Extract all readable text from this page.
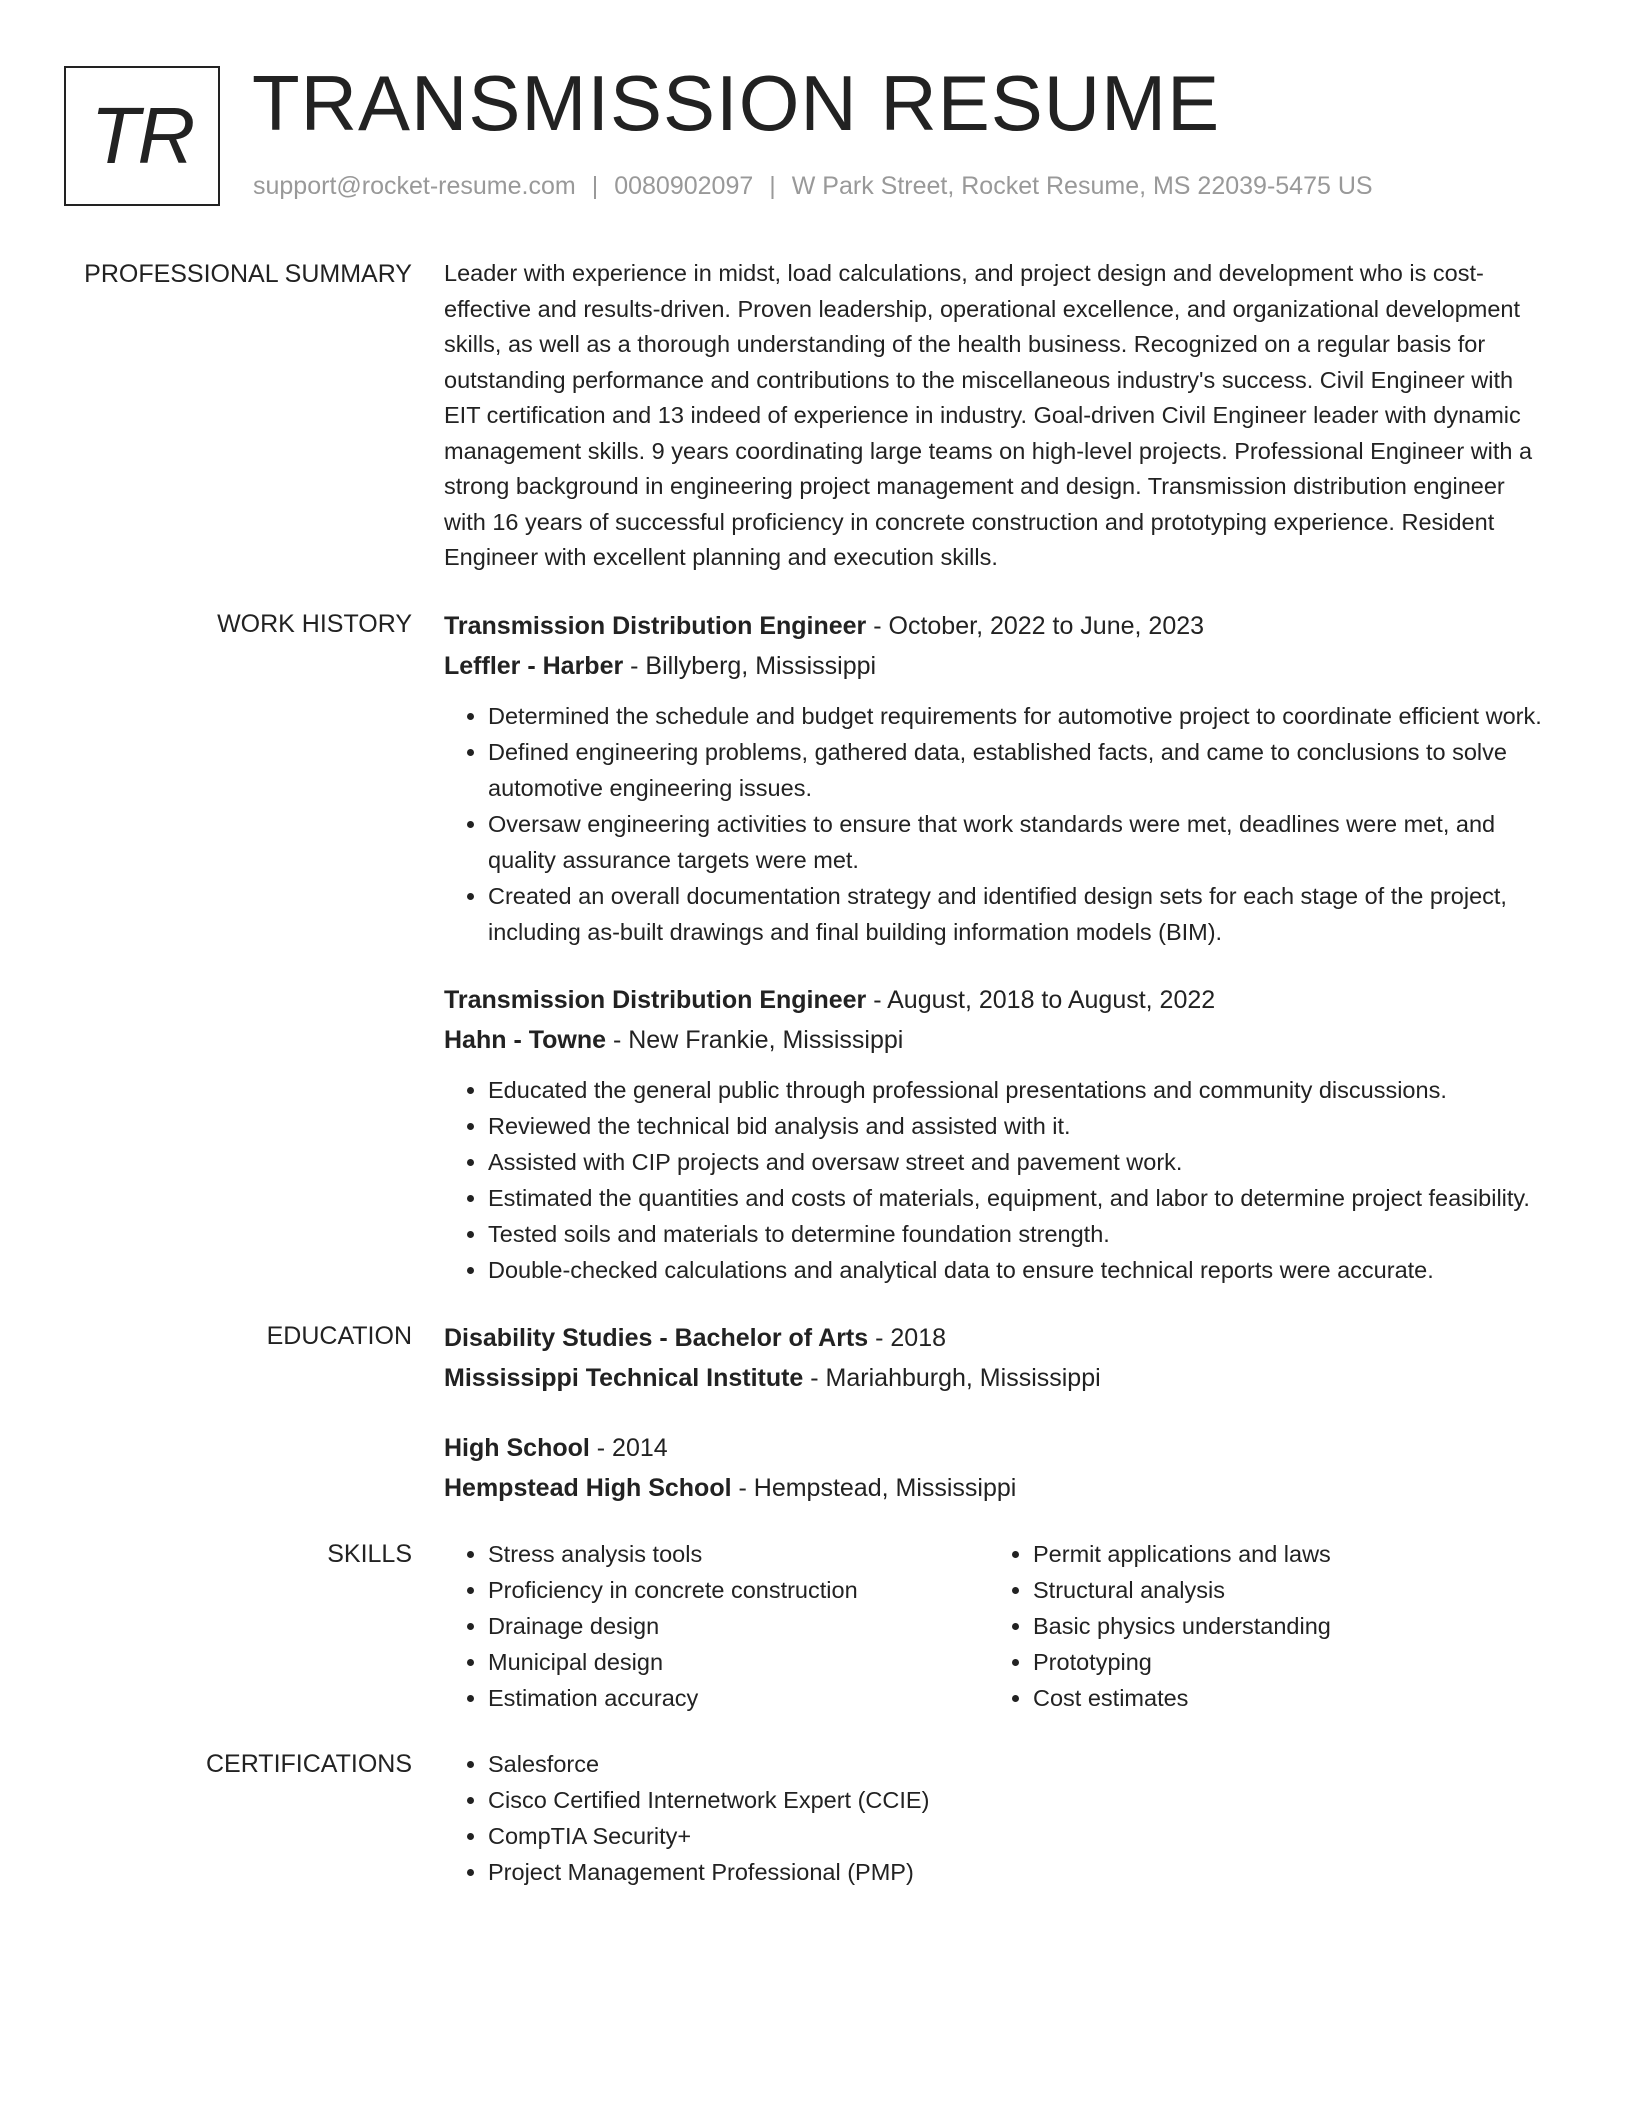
TR TRANSMISSION RESUME
support@rocket-resume.com | 0080902097 | W Park Street, Rocket Resume, MS 22039-5475 US
PROFESSIONAL SUMMARY Leader with experience in midst, load calculations, and project design and development who is cost-effective and results-driven. Proven leadership, operational excellence, and organizational development skills, as well as a thorough understanding of the health business. Recognized on a regular basis for outstanding performance and contributions to the miscellaneous industry's success. Civil Engineer with EIT certification and 13 indeed of experience in industry. Goal-driven Civil Engineer leader with dynamic management skills. 9 years coordinating large teams on high-level projects. Professional Engineer with a strong background in engineering project management and design. Transmission distribution engineer with 16 years of successful proficiency in concrete construction and prototyping experience. Resident Engineer with excellent planning and execution skills.

WORK HISTORY Transmission Distribution Engineer - October, 2022 to June, 2023

Leffler - Harber - Billyberg, Mississippi

• Determined the schedule and budget requirements for automotive project to coordinate efficient work.
• Defined engineering problems, gathered data, established facts, and came to conclusions to solve automotive engineering issues.
• Oversaw engineering activities to ensure that work standards were met, deadlines were met, and quality assurance targets were met.
• Created an overall documentation strategy and identified design sets for each stage of the project, including as-built drawings and final building information models (BIM).

Transmission Distribution Engineer - August, 2018 to August, 2022

Hahn - Towne - New Frankie, Mississippi

• Educated the general public through professional presentations and community discussions.
• Reviewed the technical bid analysis and assisted with it.
• Assisted with CIP projects and oversaw street and pavement work.
• Estimated the quantities and costs of materials, equipment, and labor to determine project feasibility.
• Tested soils and materials to determine foundation strength.
• Double-checked calculations and analytical data to ensure technical reports were accurate.
EDUCATION Disability Studies - Bachelor of Arts - 2018

Mississippi Technical Institute - Mariahburgh, Mississippi

High School - 2014

Hempstead High School - Hempstead, Mississippi

SKILLS	• Stress analysis tools
• Proficiency in concrete construction
• Drainage design
• Municipal design
• Estimation accuracy
• Permit applications and laws
• Structural analysis
• Basic physics understanding
• Prototyping
• Cost estimates
CERTIFICATIONS	• Salesforce
• Cisco Certified Internetwork Expert (CCIE)
• CompTIA Security+
• Project Management Professional (PMP)
